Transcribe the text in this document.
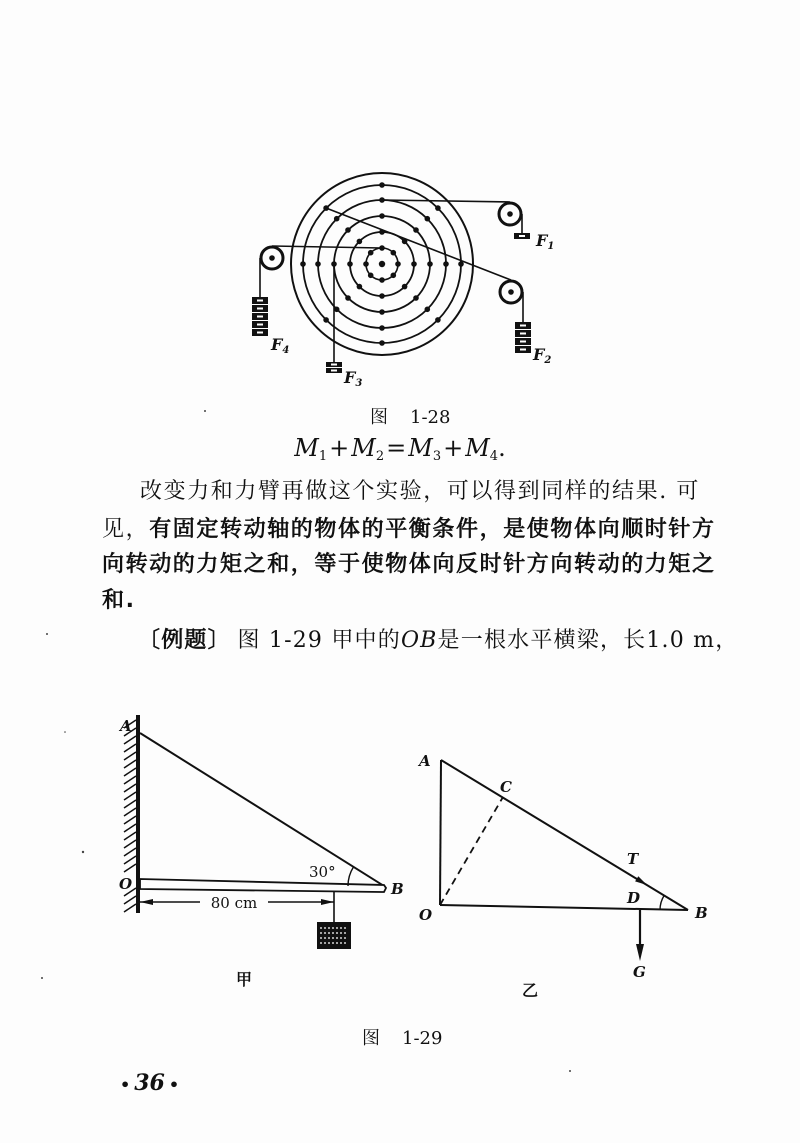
F1
F2
F3
F4
30°
A
O	B
80 cm
甲
A
C
T
D
O	B
G
乙
图 1-28
$M_1+M_2=M_3+M_4$.
改变力和力臂再做这个实验，可以得到同样的结果. 可
见，有固定转动轴的物体的平衡条件，是使物体向顺时针方
向转动的力矩之和，等于使物体向反时针方向转动的力矩之
和.
〔例题〕 图 1-29 甲中的OB是一根水平横梁，长1.0 m，
图 1-29
• 36 •
